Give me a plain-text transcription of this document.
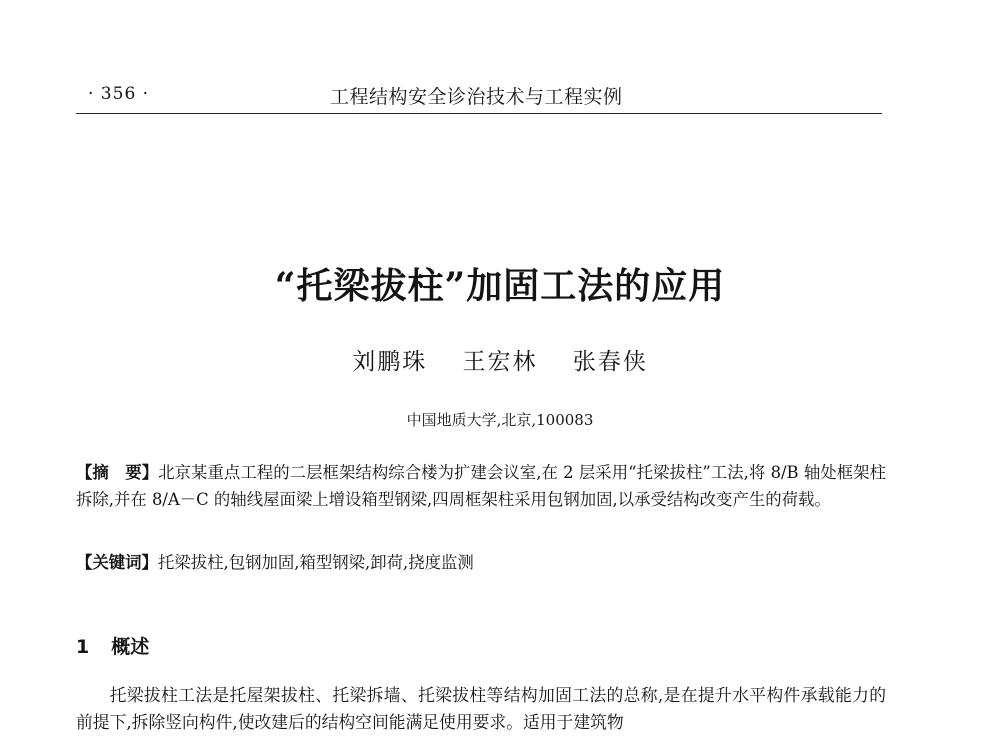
· 356 ·	工程结构安全诊治技术与工程实例
“托梁拔柱”加固工法的应用
刘鹏珠 王宏林 张春侠
中国地质大学,北京,100083

【摘　要】北京某重点工程的二层框架结构综合楼为扩建会议室,在 2 层采用“托梁拔柱”工法,将 8/B 轴处框架柱拆除,并在 8/A－C 的轴线屋面梁上增设箱型钢梁,四周框架柱采用包钢加固,以承受结构改变产生的荷载。

【关键词】托梁拔柱,包钢加固,箱型钢梁,卸荷,挠度监测
1 概述

托梁拔柱工法是托屋架拔柱、托梁拆墙、托梁拔柱等结构加固工法的总称,是在提升水平构件承载能力的前提下,拆除竖向构件,使改建后的结构空间能满足使用要求。适用于建筑物
